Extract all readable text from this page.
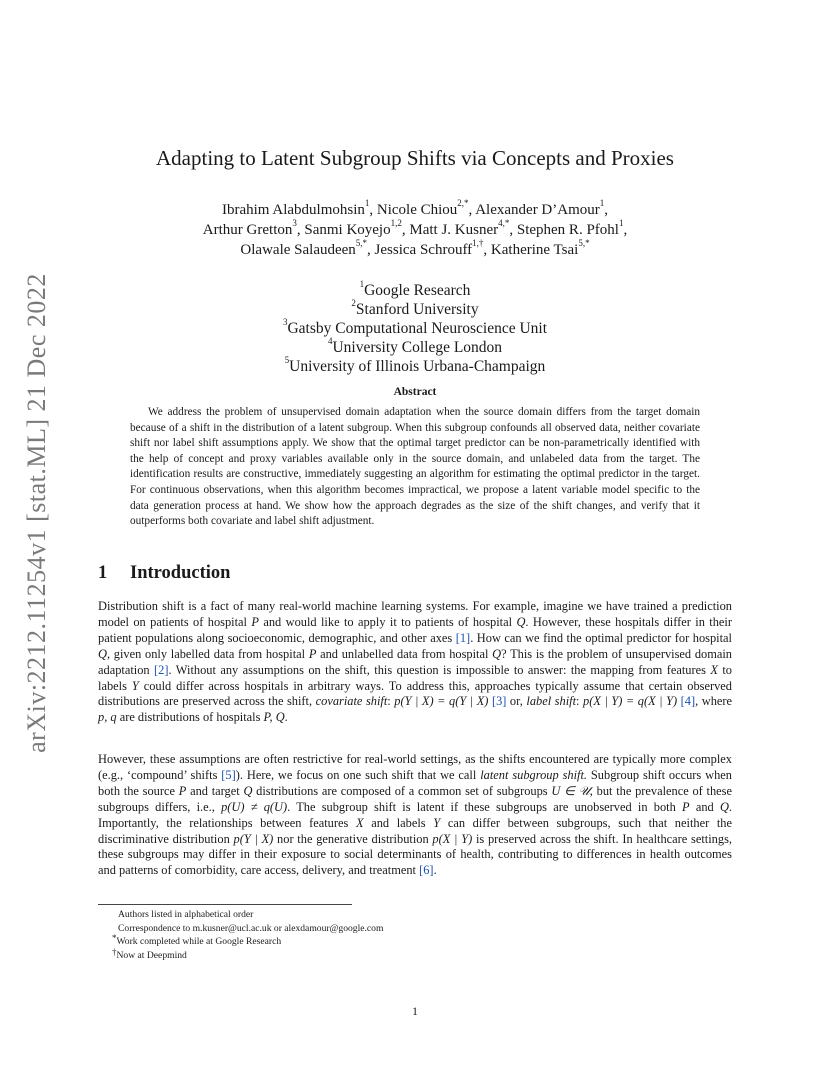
arXiv:2212.11254v1 [stat.ML] 21 Dec 2022
Adapting to Latent Subgroup Shifts via Concepts and Proxies
Ibrahim Alabdulmohsin$^1$, Nicole Chiou$^{2,*}$, Alexander D’Amour$^1$,
Arthur Gretton$^3$, Sanmi Koyejo$^{1,2}$, Matt J. Kusner$^{4,*}$, Stephen R. Pfohl$^1$,
Olawale Salaudeen$^{5,*}$, Jessica Schrouff$^{1,\dagger}$, Katherine Tsai$^{5,*}$
$^1$Google Research
$^2$Stanford University
$^3$Gatsby Computational Neuroscience Unit
$^4$University College London
$^5$University of Illinois Urbana-Champaign
Abstract

We address the problem of unsupervised domain adaptation when the source domain differs from the target domain because of a shift in the distribution of a latent subgroup. When this subgroup confounds all observed data, neither covariate shift nor label shift assumptions apply. We show that the optimal target predictor can be non-parametrically identified with the help of concept and proxy variables available only in the source domain, and unlabeled data from the target. The identification results are constructive, immediately suggesting an algorithm for estimating the optimal predictor in the target. For continuous observations, when this algorithm becomes impractical, we propose a latent variable model specific to the data generation process at hand. We show how the approach degrades as the size of the shift changes, and verify that it outperforms both covariate and label shift adjustment.

1 Introduction

Distribution shift is a fact of many real-world machine learning systems. For example, imagine we have trained a prediction model on patients of hospital P and would like to apply it to patients of hospital Q. However, these hospitals differ in their patient populations along socioeconomic, demographic, and other axes [1]. How can we find the optimal predictor for hospital Q, given only labelled data from hospital P and unlabelled data from hospital Q? This is the problem of unsupervised domain adaptation [2]. Without any assumptions on the shift, this question is impossible to answer: the mapping from features X to labels Y could differ across hospitals in arbitrary ways. To address this, approaches typically assume that certain observed distributions are preserved across the shift, covariate shift: p(Y | X) = q(Y | X) [3] or, label shift: p(X | Y) = q(X | Y) [4], where p, q are distributions of hospitals P, Q.

However, these assumptions are often restrictive for real-world settings, as the shifts encountered are typically more complex (e.g., ‘compound’ shifts [5]). Here, we focus on one such shift that we call latent subgroup shift. Subgroup shift occurs when both the source P and target Q distributions are composed of a common set of subgroups U ∈ 𝒰, but the prevalence of these subgroups differs, i.e., p(U) ≠ q(U). The subgroup shift is latent if these subgroups are unobserved in both P and Q. Importantly, the relationships between features X and labels Y can differ between subgroups, such that neither the discriminative distribution p(Y | X) nor the generative distribution p(X | Y) is preserved across the shift. In healthcare settings, these subgroups may differ in their exposure to social determinants of health, contributing to differences in health outcomes and patterns of comorbidity, care access, delivery, and treatment [6].

Authors listed in alphabetical order
Correspondence to m.kusner@ucl.ac.uk or alexdamour@google.com
*Work completed while at Google Research
†Now at Deepmind
1
